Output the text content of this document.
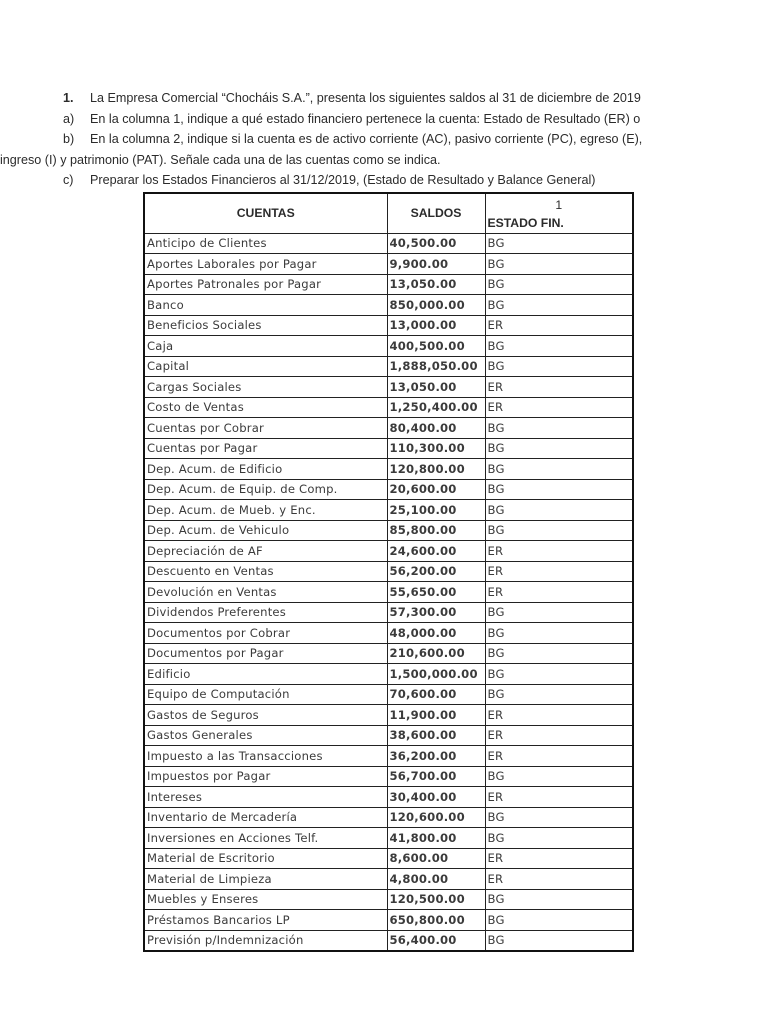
1. La Empresa Comercial “Chocháis S.A.”, presenta los siguientes saldos al 31 de diciembre de 2019
a) En la columna 1, indique a qué estado financiero pertenece la cuenta: Estado de Resultado (ER) o
b) En la columna 2, indique si la cuenta es de activo corriente (AC), pasivo corriente (PC), egreso (E),
ingreso (I) y patrimonio (PAT). Señale cada una de las cuentas como se indica.
c) Preparar los Estados Financieros al 31/12/2019, (Estado de Resultado y Balance General)
CUENTAS	SALDOS	1
ESTADO FIN.
Anticipo de Clientes	40,500.00	BG
Aportes Laborales por Pagar	9,900.00	BG
Aportes Patronales por Pagar	13,050.00	BG
Banco	850,000.00	BG
Beneficios Sociales	13,000.00	ER
Caja	400,500.00	BG
Capital	1,888,050.00	BG
Cargas Sociales	13,050.00	ER
Costo de Ventas	1,250,400.00	ER
Cuentas por Cobrar	80,400.00	BG
Cuentas por Pagar	110,300.00	BG
Dep. Acum. de Edificio	120,800.00	BG
Dep. Acum. de Equip. de Comp.	20,600.00	BG
Dep. Acum. de Mueb. y Enc.	25,100.00	BG
Dep. Acum. de Vehiculo	85,800.00	BG
Depreciación de AF	24,600.00	ER
Descuento en Ventas	56,200.00	ER
Devolución en Ventas	55,650.00	ER
Dividendos Preferentes	57,300.00	BG
Documentos por Cobrar	48,000.00	BG
Documentos por Pagar	210,600.00	BG
Edificio	1,500,000.00	BG
Equipo de Computación	70,600.00	BG
Gastos de Seguros	11,900.00	ER
Gastos Generales	38,600.00	ER
Impuesto a las Transacciones	36,200.00	ER
Impuestos por Pagar	56,700.00	BG
Intereses	30,400.00	ER
Inventario de Mercadería	120,600.00	BG
Inversiones en Acciones Telf.	41,800.00	BG
Material de Escritorio	8,600.00	ER
Material de Limpieza	4,800.00	ER
Muebles y Enseres	120,500.00	BG
Préstamos Bancarios LP	650,800.00	BG
Previsión p/Indemnización	56,400.00	BG
